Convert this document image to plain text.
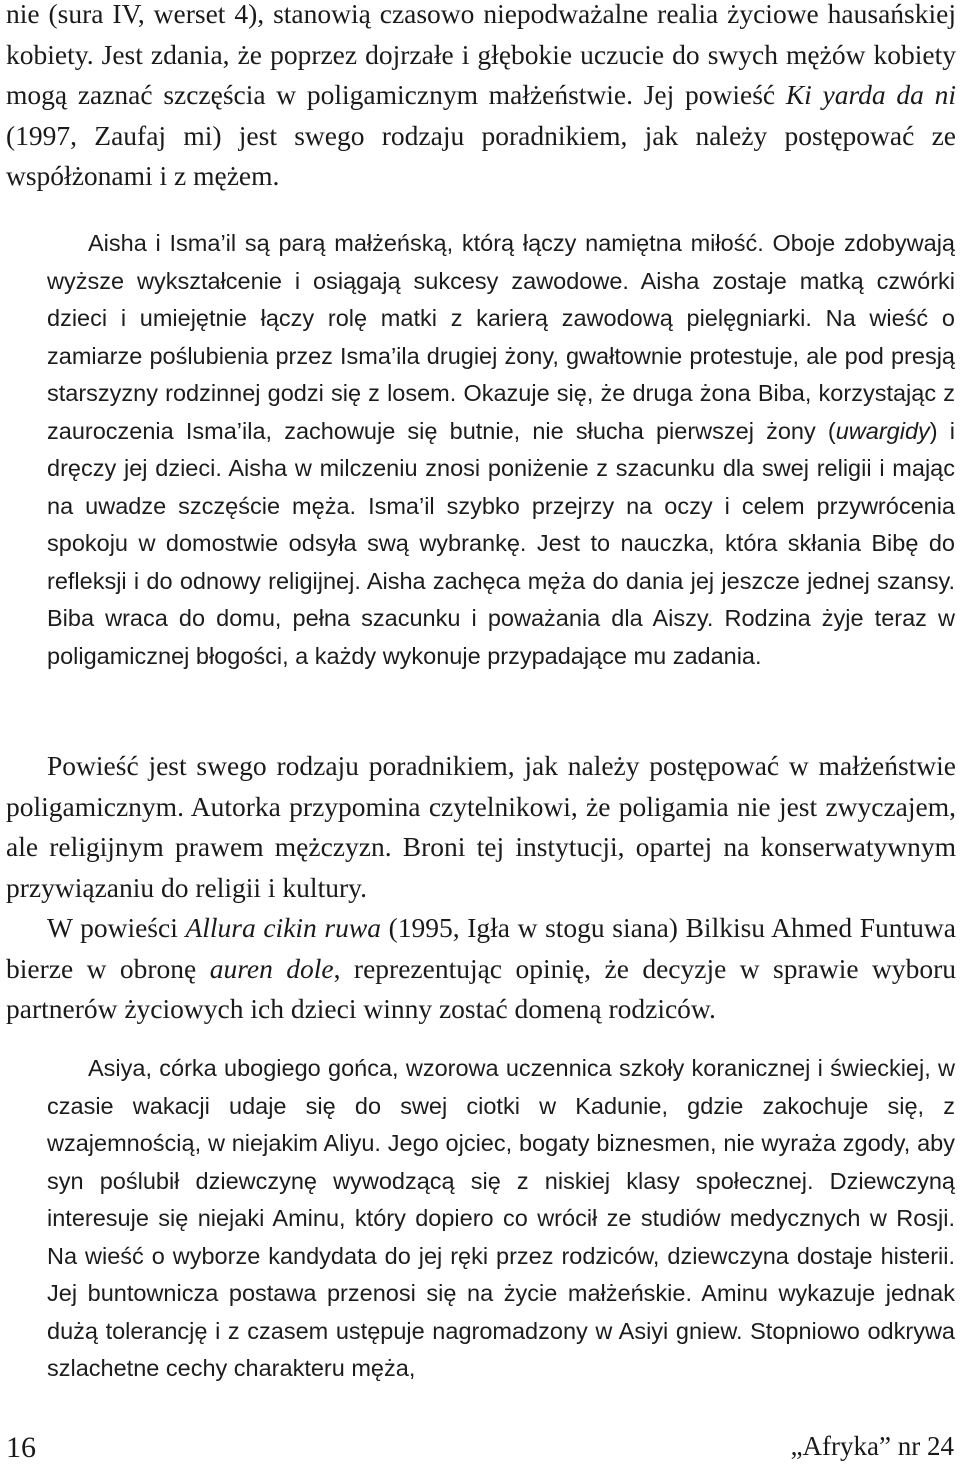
nie (sura IV, werset 4), stanowią czasowo niepodważalne realia życiowe hausańskiej kobiety. Jest zdania, że poprzez dojrzałe i głębokie uczucie do swych mężów kobiety mogą zaznać szczęścia w poligamicznym małżeństwie. Jej powieść Ki yarda da ni (1997, Zaufaj mi) jest swego rodzaju poradnikiem, jak należy postępować ze współżonami i z mężem.

Aisha i Isma’il są parą małżeńską, którą łączy namiętna miłość. Oboje zdobywają wyższe wykształcenie i osiągają sukcesy zawodowe. Aisha zostaje matką czwórki dzieci i umiejętnie łączy rolę matki z karierą zawodową pielęgniarki. Na wieść o zamiarze poślubienia przez Isma’ila drugiej żony, gwałtownie protestuje, ale pod presją starszyzny rodzinnej godzi się z losem. Okazuje się, że druga żona Biba, korzystając z zauroczenia Isma’ila, zachowuje się butnie, nie słucha pierwszej żony (uwargidy) i dręczy jej dzieci. Aisha w milczeniu znosi poniżenie z szacunku dla swej religii i mając na uwadze szczęście męża. Isma’il szybko przejrzy na oczy i celem przywrócenia spokoju w domostwie odsyła swą wybrankę. Jest to nauczka, która skłania Bibę do refleksji i do odnowy religijnej. Aisha zachęca męża do dania jej jeszcze jednej szansy. Biba wraca do domu, pełna szacunku i poważania dla Aiszy. Rodzina żyje teraz w poligamicznej błogości, a każdy wykonuje przypadające mu zadania.

Powieść jest swego rodzaju poradnikiem, jak należy postępować w małżeństwie poligamicznym. Autorka przypomina czytelnikowi, że poligamia nie jest zwyczajem, ale religijnym prawem mężczyzn. Broni tej instytucji, opartej na konserwatywnym przywiązaniu do religii i kultury.

W powieści Allura cikin ruwa (1995, Igła w stogu siana) Bilkisu Ahmed Funtuwa bierze w obronę auren dole, reprezentując opinię, że decyzje w sprawie wyboru partnerów życiowych ich dzieci winny zostać domeną rodziców.

Asiya, córka ubogiego gońca, wzorowa uczennica szkoły koranicznej i świeckiej, w czasie wakacji udaje się do swej ciotki w Kadunie, gdzie zakochuje się, z wzajemnością, w niejakim Aliyu. Jego ojciec, bogaty biznesmen, nie wyraża zgody, aby syn poślubił dziewczynę wywodzącą się z niskiej klasy społecznej. Dziewczyną interesuje się niejaki Aminu, który dopiero co wrócił ze studiów medycznych w Rosji. Na wieść o wyborze kandydata do jej ręki przez rodziców, dziewczyna dostaje histerii. Jej buntownicza postawa przenosi się na życie małżeńskie. Aminu wykazuje jednak dużą tolerancję i z czasem ustępuje nagromadzony w Asiyi gniew. Stopniowo odkrywa szlachetne cechy charakteru męża,

16	„Afryka” nr 24
